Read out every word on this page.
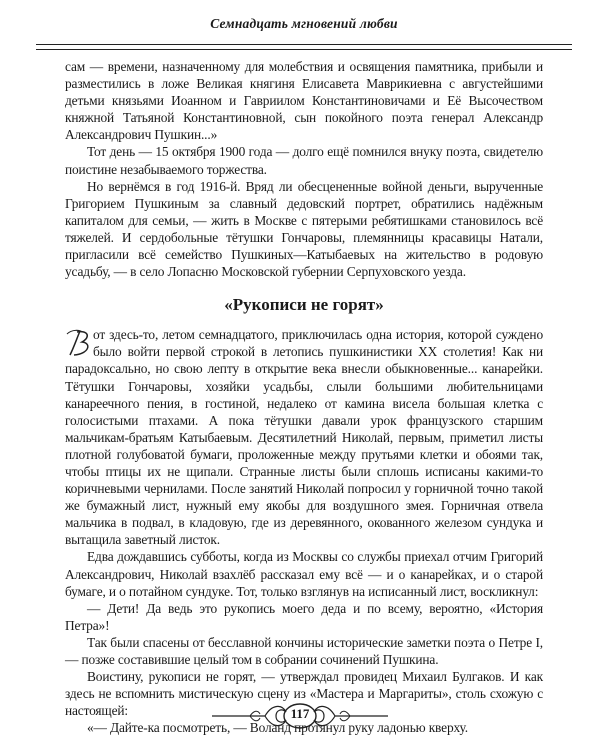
Семнадцать мгновений любви

сам — времени, назначенному для молебствия и освящения памятника, прибыли и разместились в ложе Великая княгиня Елисавета Маврикиевна с августейшими детьми князьями Иоанном и Гавриилом Константиновичами и Её Высочеством княжной Татьяной Константиновной, сын покойного поэта генерал Александр Александрович Пушкин...»

Тот день — 15 октября 1900 года — долго ещё помнился внуку поэта, свидетелю поистине незабываемого торжества.

Но вернёмся в год 1916-й. Вряд ли обесцененные войной деньги, вырученные Григорием Пушкиным за славный дедовский портрет, обратились надёжным капиталом для семьи, — жить в Москве с пятерыми ребятишками становилось всё тяжелей. И сердобольные тётушки Гончаровы, племянницы красавицы Натали, пригласили всё семейство Пушкиных—Катыбаевых на жительство в родовую усадьбу, — в село Лопасню Московской губернии Серпуховского уезда.

«Рукописи не горят»

В
от здесь-то, летом семнадцатого, приключилась одна история, которой суждено было войти первой строкой в летопись пушкинистики XX столетия! Как ни парадоксально, но свою лепту в открытие века внесли обыкновенные... канарейки. Тётушки Гончаровы, хозяйки усадьбы, слыли большими любительницами канареечного пения, в гостиной, недалеко от камина висела большая клетка с голосистыми птахами. А пока тётушки давали урок французского старшим мальчикам-братьям Катыбаевым. Десятилетний Николай, первым, приметил листы плотной голубоватой бумаги, проложенные между прутьями клетки и обоями так, чтобы птицы их не щипали. Странные листы были сплошь исписаны какими-то коричневыми чернилами. После занятий Николай попросил у горничной точно такой же бумажный лист, нужный ему якобы для воздушного змея. Горничная отвела мальчика в подвал, в кладовую, где из деревянного, окованного железом сундука и вытащила заветный листок.

Едва дождавшись субботы, когда из Москвы со службы приехал отчим Григорий Александрович, Николай взахлёб рассказал ему всё — и о канарейках, и о старой бумаге, и о потайном сундуке. Тот, только взглянув на исписанный лист, воскликнул:

— Дети! Да ведь это рукопись моего деда и по всему, вероятно, «История Петра»!

Так были спасены от бесславной кончины исторические заметки поэта о Петре I, — позже составившие целый том в собрании сочинений Пушкина.

Воистину, рукописи не горят, — утверждал провидец Михаил Булгаков. И как здесь не вспомнить мистическую сцену из «Мастера и Маргариты», столь схожую с настоящей:

«— Дайте-ка посмотреть, — Воланд протянул руку ладонью кверху.

117
